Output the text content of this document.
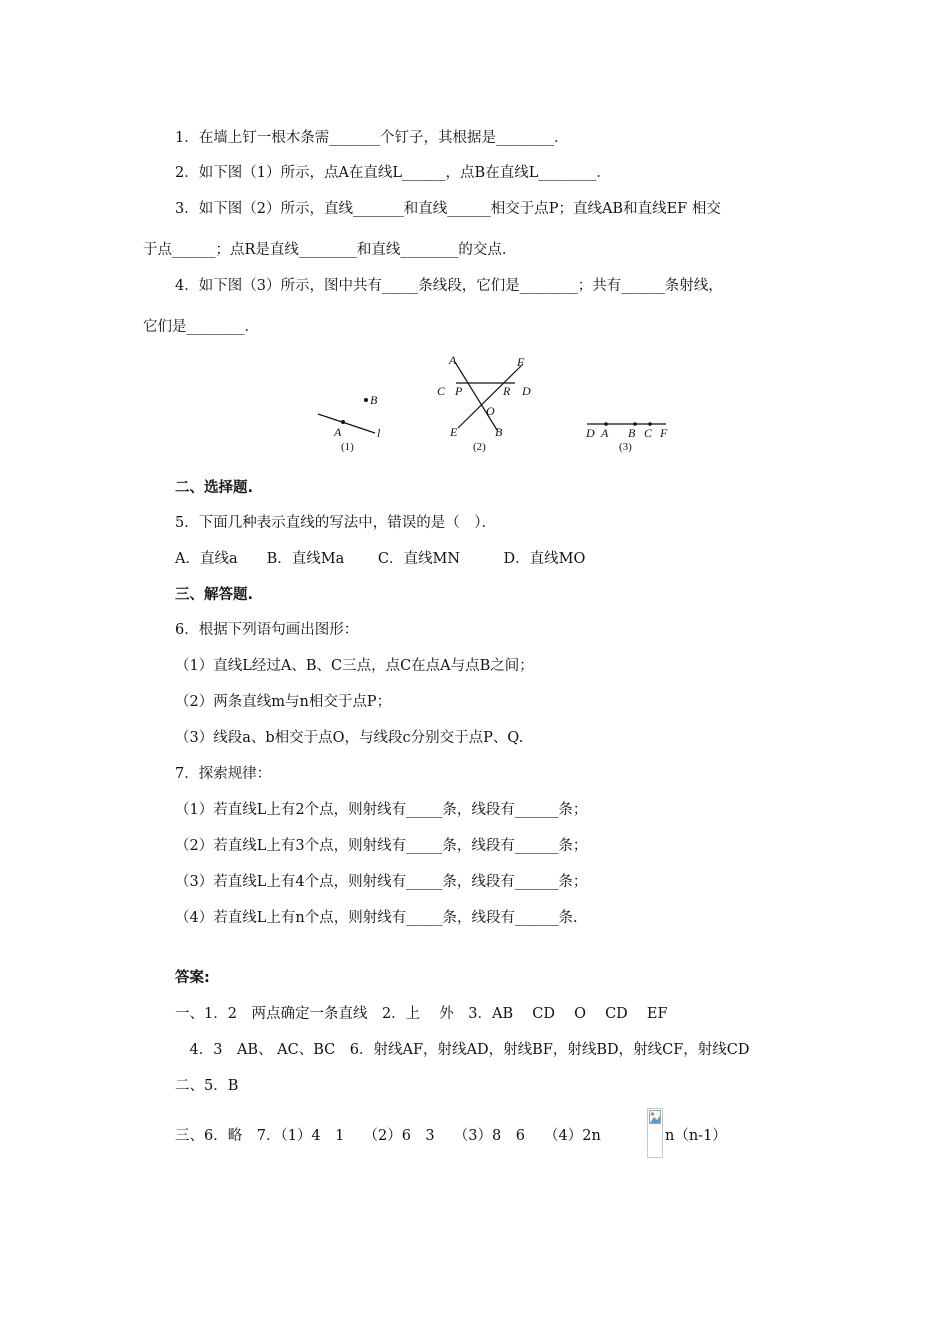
1．在墙上钉一根木条需_______个钉子，其根据是________．
2．如下图（1）所示，点A在直线L______，点B在直线L________．
3．如下图（2）所示，直线_______和直线______相交于点P；直线AB和直线EF 相交
于点______；点R是直线________和直线________的交点．
4．如下图（3）所示，图中共有_____条线段，它们是________；共有______条射线，
它们是________．
A
B
l
(1)
A	F
C P	R D
O
E	B
(2)
D A B C F
(3)
二、选择题.
5．下面几种表示直线的写法中，错误的是（　）．
A．直线a　　B．直线Ma　　 C．直线MN　　　D．直线MO
三、解答题.
6．根据下列语句画出图形：
（1）直线L经过A、B、C三点，点C在点A与点B之间；
（2）两条直线m与n相交于点P；
（3）线段a、b相交于点O，与线段c分别交于点P、Q.
7．探索规律：
（1）若直线L上有2个点，则射线有_____条，线段有______条；
（2）若直线L上有3个点，则射线有_____条，线段有______条；
（3）若直线L上有4个点，则射线有_____条，线段有______条；
（4）若直线L上有n个点，则射线有_____条，线段有______条.
答案:
一、1．2　两点确定一条直线　2．上　 外　3．AB　 CD　 O　 CD　 EF
　4．3　AB、 AC、BC　6．射线AF，射线AD，射线BF，射线BD，射线CF，射线CD
二、5．B
三、6．略　7．（1）4　1　 （2）6　3　 （3）8　6　 （4）2n	n（n-1）
